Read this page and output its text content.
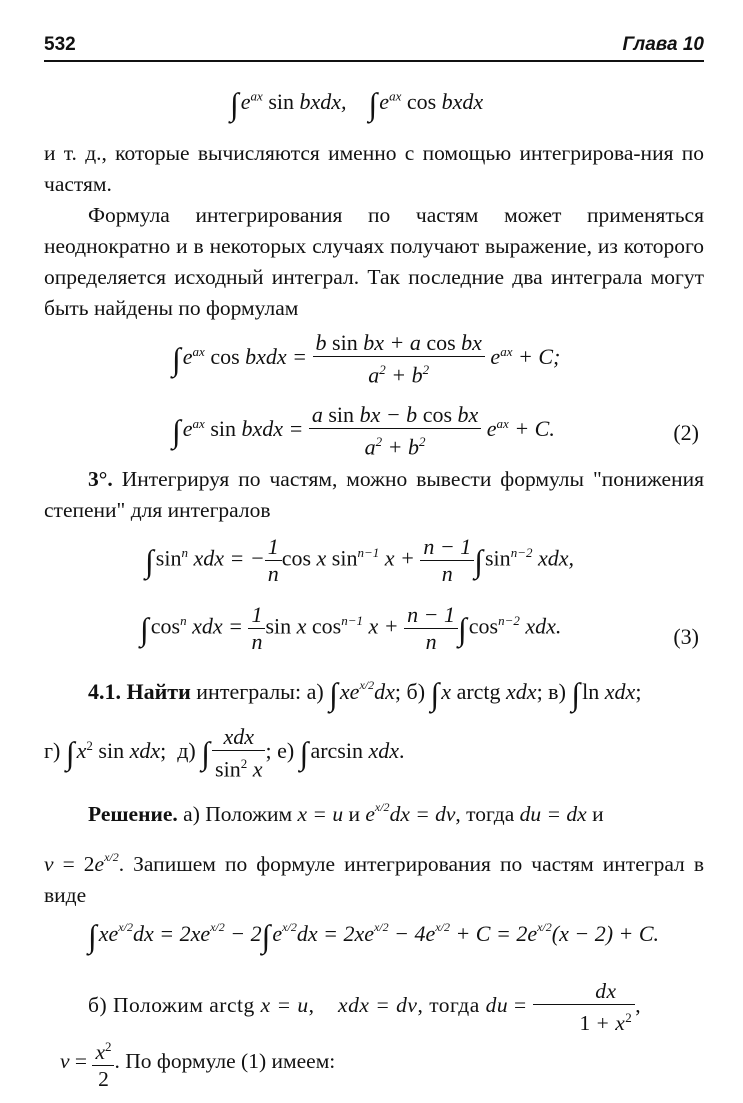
532	Глава 10
$\int e^{ax}$ sin bxdx,    $\int e^{ax}$ cos bxdx
и т. д., которые вычисляются именно с помощью интегрирова-ния по частям.
Формула интегрирования по частям может применяться неоднократно и в некоторых случаях получают выражение, из которого определяется исходный интеграл. Так последние два интеграла могут быть найдены по формулам
$\int e^{ax}$ cos bxdx = $\frac{\text{b sin bx + a cos bx}}{a^2 + b^2} e^{ax} + C$;
$\int e^{ax}$ sin bxdx = $\frac{\text{a sin bx − b cos bx}}{a^2 + b^2} e^{ax} + C$.	(2)
3°. Интегрируя по частям, можно вывести формулы "понижения степени" для интегралов
$\int\sin^n$ xdx = − $\frac{1}{n}$ cos x $\sin^{n-1} x + \frac{n - 1}{n} \int\sin^{n-2}$ xdx,
$\int\cos^n$ xdx = $\frac{1}{n}$ sin x $\cos^{n-1} x + \frac{n - 1}{n} \int\cos^{n-2}$ xdx.	(3)
4.1. Найти интегралы: а) $\int xe^{x/2}dx$; б) ∫x arctg xdx; в) ∫ln xdx;
г) $\int x^2$ sin xdx;  д) ∫ $\frac{\text{xdx}}{\sin^2 x}$ ; е) ∫arcsin xdx.
Решение. а) Положим x = u и $e^{x/2}dx$ = dv, тогда du = dx и
$v = 2e^{x/2}$. Запишем по формуле интегрирования по частям интеграл в виде
$\int xe^{x/2}dx = 2xe^{x/2} - 2\int e^{x/2}dx = 2xe^{x/2} - 4e^{x/2} + C = 2e^{x/2}(x - 2) + C$.
б) Положим arctg x = u,    xdx = dv, тогда du = $\frac{dx}{1 + x^2}$ ,
$v = \frac{x^2}{2}$ . По формуле (1) имеем:
